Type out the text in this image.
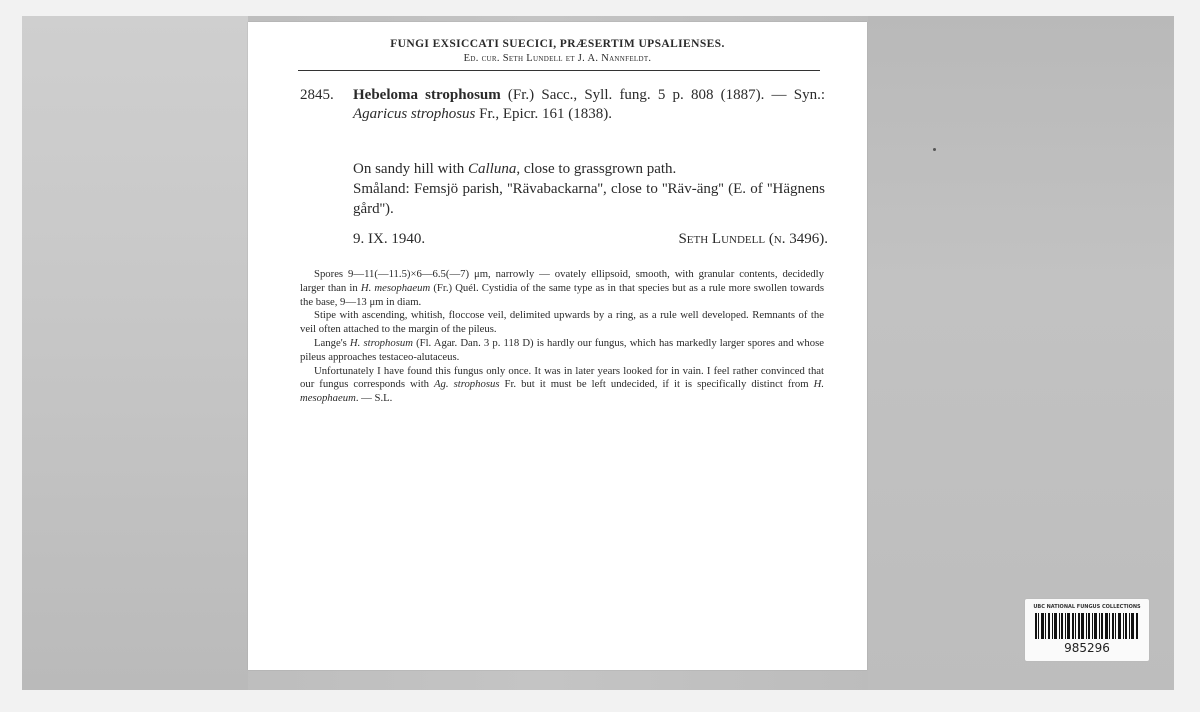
FUNGI EXSICCATI SUECICI, PRÆSERTIM UPSALIENSES.
Ed. cur. Seth Lundell et J. A. Nannfeldt.
2845. Hebeloma strophosum (Fr.) Sacc., Syll. fung. 5 p. 808 (1887). — Syn.: Agaricus strophosus Fr., Epicr. 161 (1838).
On sandy hill with Calluna, close to grassgrown path.
Småland: Femsjö parish, ''Rävabackarna'', close to ''Räv-äng'' (E. of ''Hägnens gård'').
9. IX. 1940.	Seth Lundell (n. 3496).

Spores 9—11(—11.5)×6—6.5(—7) μm, narrowly — ovately ellipsoid, smooth, with granular contents, decidedly larger than in H. mesophaeum (Fr.) Quél. Cystidia of the same type as in that species but as a rule more swollen towards the base, 9—13 μm in diam.

Stipe with ascending, whitish, floccose veil, delimited upwards by a ring, as a rule well developed. Remnants of the veil often attached to the margin of the pileus.

Lange's H. strophosum (Fl. Agar. Dan. 3 p. 118 D) is hardly our fungus, which has markedly larger spores and whose pileus approaches testaceo-alutaceus.

Unfortunately I have found this fungus only once. It was in later years looked for in vain. I feel rather convinced that our fungus corresponds with Ag. strophosus Fr. but it must be left undecided, if it is specifically distinct from H. mesophaeum. — S.L.

UBC NATIONAL FUNGUS COLLECTIONS
985296
